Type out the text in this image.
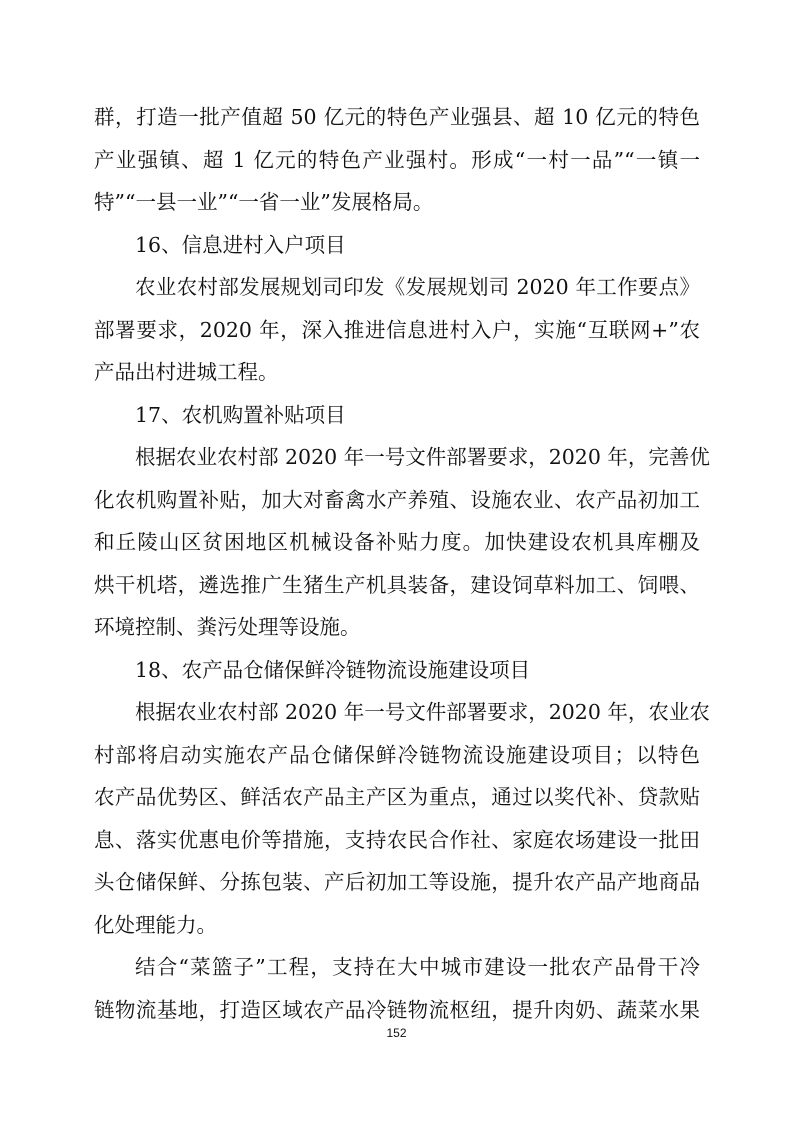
群，打造一批产值超 50 亿元的特色产业强县、超 10 亿元的特色
产业强镇、超 1 亿元的特色产业强村。形成“一村一品”“一镇一
特”“一县一业”“一省一业”发展格局。
16、信息进村入户项目
农业农村部发展规划司印发《发展规划司 2020 年工作要点》
部署要求，2020 年，深入推进信息进村入户，实施“互联网+”农
产品出村进城工程。
17、农机购置补贴项目
根据农业农村部 2020 年一号文件部署要求，2020 年，完善优
化农机购置补贴，加大对畜禽水产养殖、设施农业、农产品初加工
和丘陵山区贫困地区机械设备补贴力度。加快建设农机具库棚及
烘干机塔，遴选推广生猪生产机具装备，建设饲草料加工、饲喂、
环境控制、粪污处理等设施。
18、农产品仓储保鲜冷链物流设施建设项目
根据农业农村部 2020 年一号文件部署要求，2020 年，农业农
村部将启动实施农产品仓储保鲜冷链物流设施建设项目；以特色
农产品优势区、鲜活农产品主产区为重点，通过以奖代补、贷款贴
息、落实优惠电价等措施，支持农民合作社、家庭农场建设一批田
头仓储保鲜、分拣包装、产后初加工等设施，提升农产品产地商品
化处理能力。
结合“菜篮子”工程，支持在大中城市建设一批农产品骨干冷
链物流基地，打造区域农产品冷链物流枢纽，提升肉奶、蔬菜水果
152
